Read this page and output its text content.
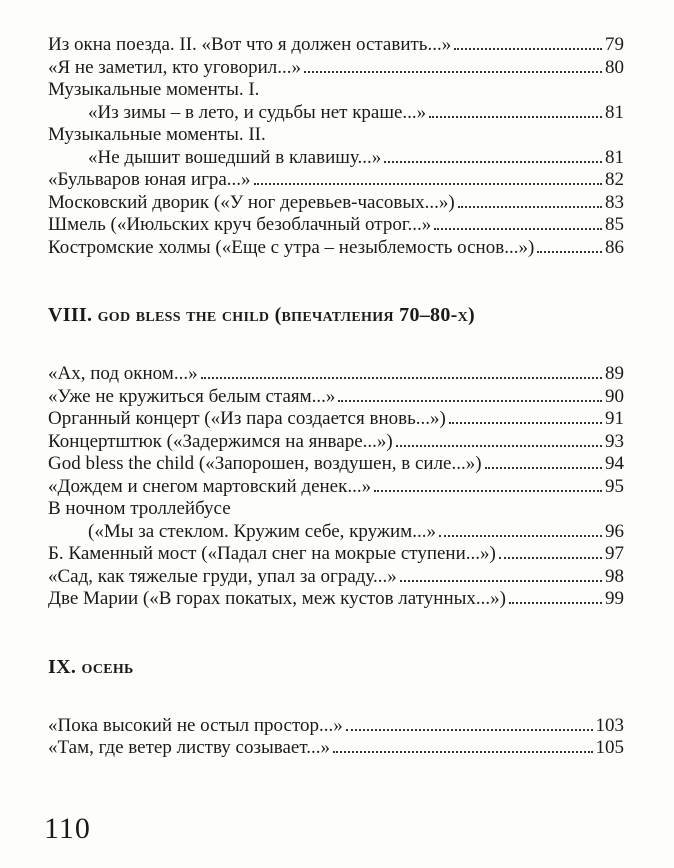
Из окна поезда. II. «Вот что я должен оставить...»	79
«Я не заметил, кто уговорил...»	80
Музыкальные моменты. I.
«Из зимы – в лето, и судьбы нет краше...»	81
Музыкальные моменты. II.
«Не дышит вошедший в клавишу...»	81
«Бульваров юная игра...»	82
Московский дворик («У ног деревьев-часовых...»)	83
Шмель («Июльских круч безоблачный отрог...»	85
Костромские холмы («Еще с утра – незыблемость основ...»)	86
VIII. god bless the child (впечатления 70–80-х)
«Ах, под окном...»	89
«Уже не кружиться белым стаям...»	90
Органный концерт («Из пара создается вновь...»)	91
Концертштюк («Задержимся на январе...»)	93
God bless the child («Запорошен, воздушен, в силе...»)	94
«Дождем и снегом мартовский денек...»	95
В ночном троллейбусе
(«Мы за стеклом. Кружим себе, кружим...»	96
Б. Каменный мост («Падал снег на мокрые ступени...»)	97
«Сад, как тяжелые груди, упал за ограду...»	98
Две Марии («В горах покатых, меж кустов латунных...»)	99
IX. осень
«Пока высокий не остыл простор...»	103
«Там, где ветер листву созывает...»	105
110
